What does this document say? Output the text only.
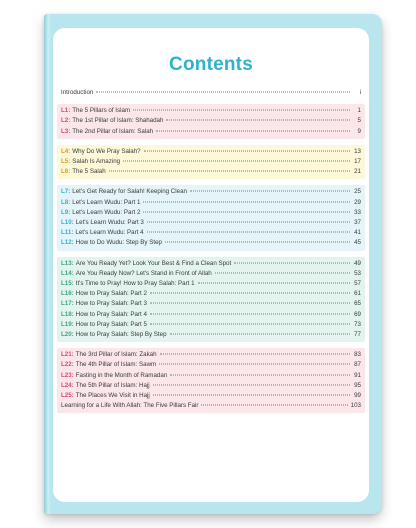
Contents
Introduction	i
L1: The 5 Pillars of Islam	1
L2: The 1st Pillar of Islam: Shahadah	5
L3: The 2nd Pillar of Islam: Salah	9
L4: Why Do We Pray Salah?	13
L5: Salah Is Amazing	17
L6: The 5 Salah	21
L7: Let's Get Ready for Salah! Keeping Clean	25
L8: Let's Learn Wudu: Part 1	29
L9: Let's Learn Wudu: Part 2	33
L10: Let's Learn Wudu: Part 3	37
L11: Let's Learn Wudu: Part 4	41
L12: How to Do Wudu: Step By Step	45
L13: Are You Ready Yet? Look Your Best & Find a Clean Spot	49
L14: Are You Ready Now? Let's Stand in Front of Allah	53
L15: It's Time to Pray! How to Pray Salah: Part 1	57
L16: How to Pray Salah: Part 2	61
L17: How to Pray Salah: Part 3	65
L18: How to Pray Salah: Part 4	69
L19: How to Pray Salah: Part 5	73
L20: How to Pray Salah: Step By Step	77
L21: The 3rd Pillar of Islam: Zakah	83
L22: The 4th Pillar of Islam: Sawm	87
L23: Fasting in the Month of Ramadan	91
L24: The 5th Pillar of Islam: Hajj	95
L25: The Places We Visit in Hajj	99
Learning for a Life With Allah: The Five Pillars Fair	103
